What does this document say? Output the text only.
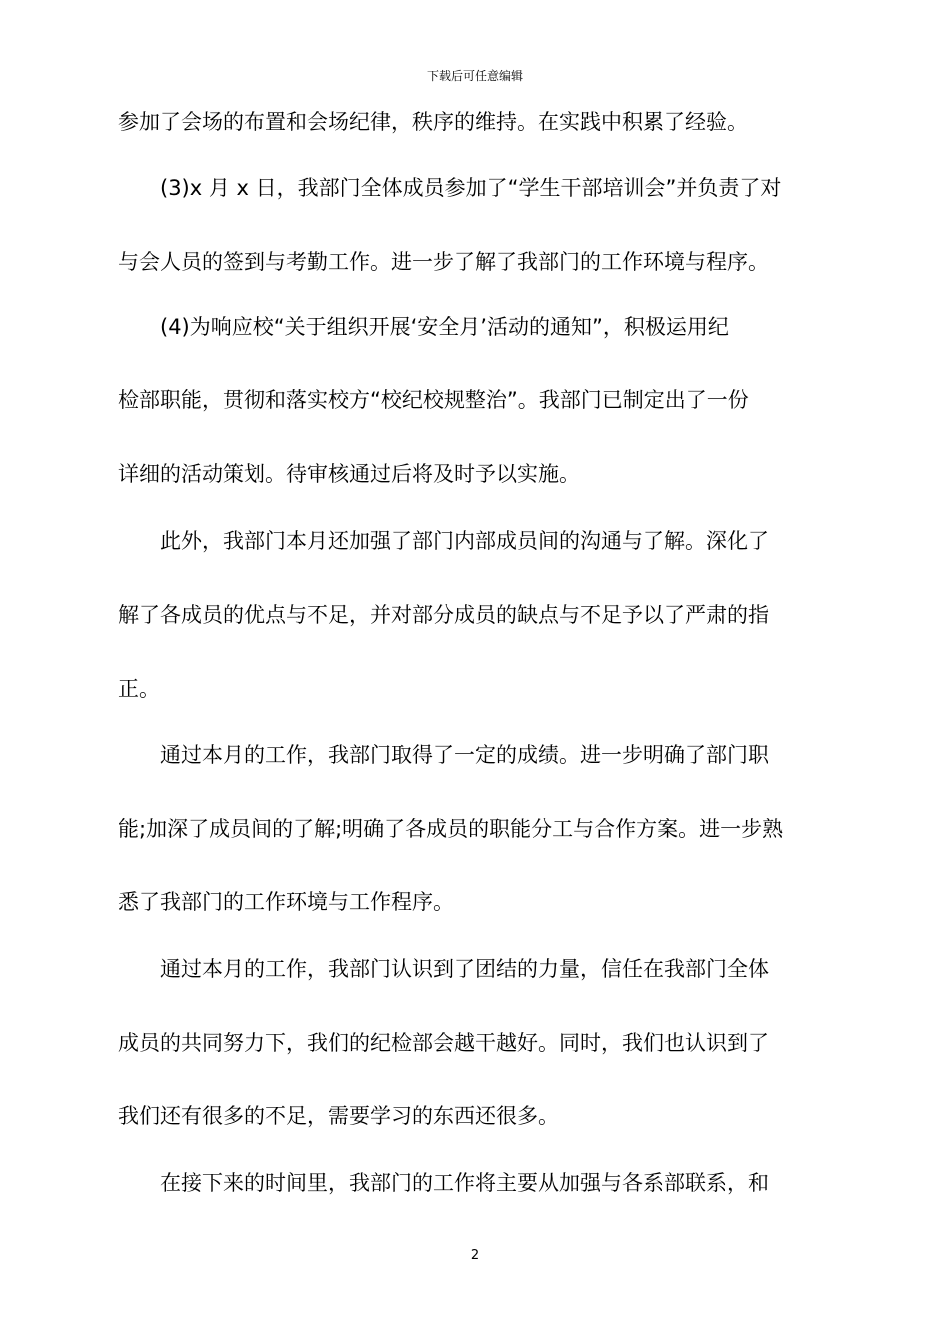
下载后可任意编辑
参加了会场的布置和会场纪律，秩序的维持。在实践中积累了经验。
　　(3)x 月 x 日，我部门全体成员参加了“学生干部培训会”并负责了对
与会人员的签到与考勤工作。进一步了解了我部门的工作环境与程序。
　　(4)为响应校“关于组织开展‘安全月’活动的通知”，积极运用纪
检部职能，贯彻和落实校方“校纪校规整治”。我部门已制定出了一份
详细的活动策划。待审核通过后将及时予以实施。
　　此外，我部门本月还加强了部门内部成员间的沟通与了解。深化了
解了各成员的优点与不足，并对部分成员的缺点与不足予以了严肃的指
正。
　　通过本月的工作，我部门取得了一定的成绩。进一步明确了部门职
能;加深了成员间的了解;明确了各成员的职能分工与合作方案。进一步熟
悉了我部门的工作环境与工作程序。
　　通过本月的工作，我部门认识到了团结的力量，信任在我部门全体
成员的共同努力下，我们的纪检部会越干越好。同时，我们也认识到了
我们还有很多的不足，需要学习的东西还很多。
　　在接下来的时间里，我部门的工作将主要从加强与各系部联系，和
2
